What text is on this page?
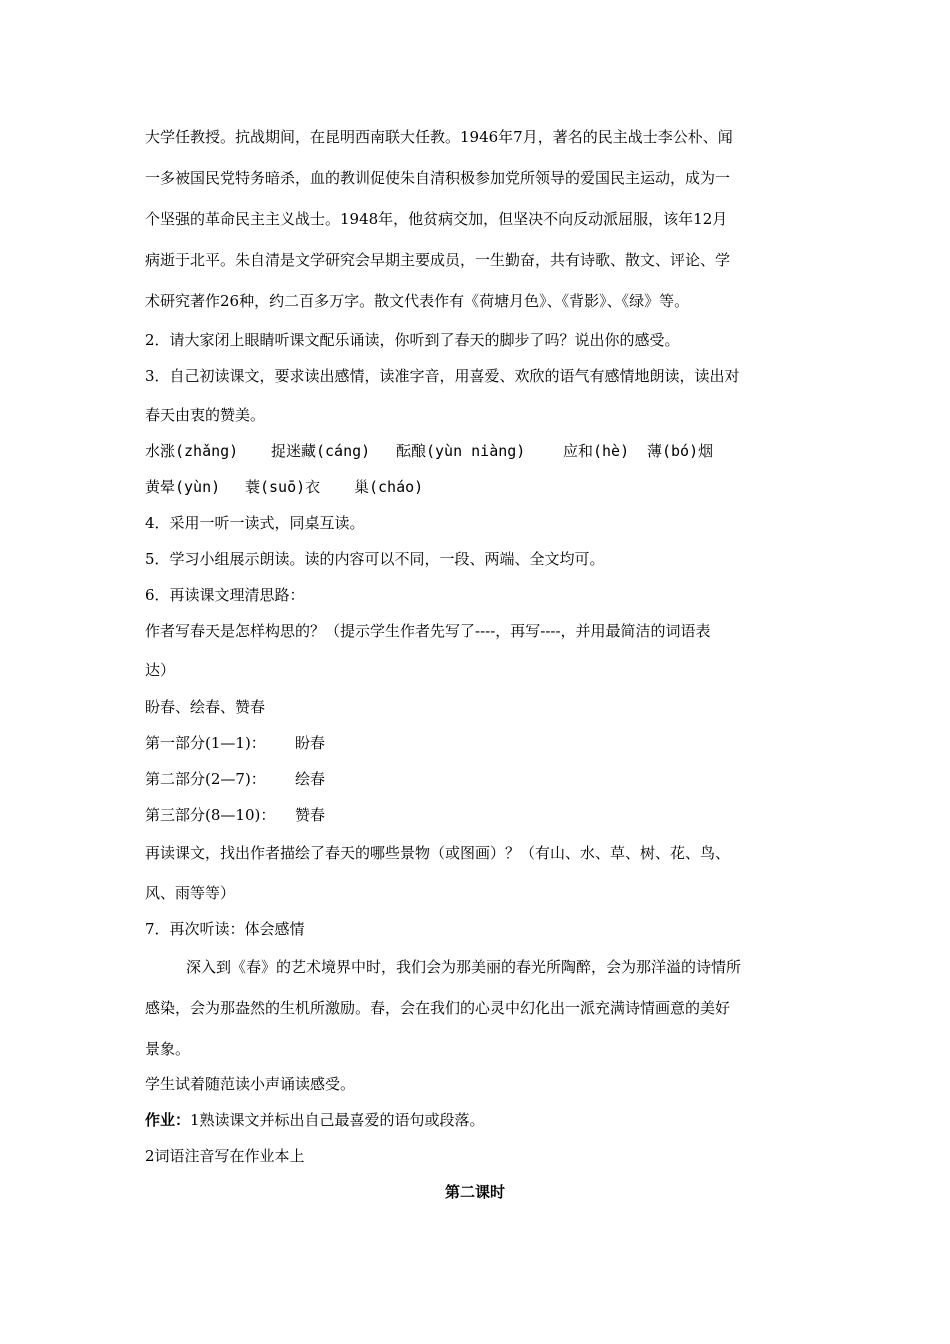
大学任教授。抗战期间，在昆明西南联大任教。1946年7月，著名的民主战士李公朴、闻
一多被国民党特务暗杀，血的教训促使朱自清积极参加党所领导的爱国民主运动，成为一
个坚强的革命民主主义战士。1948年，他贫病交加，但坚决不向反动派屈服，该年12月
病逝于北平。朱自清是文学研究会早期主要成员，一生勤奋，共有诗歌、散文、评论、学
术研究著作26种，约二百多万字。散文代表作有《荷塘月色》、《背影》、《绿》等。
2．请大家闭上眼睛听课文配乐诵读，你听到了春天的脚步了吗？说出你的感受。
3．自己初读课文，要求读出感情，读准字音，用喜爱、欢欣的语气有感情地朗读，读出对
春天由衷的赞美。
水涨(zhǎng) 捉迷藏(cáng) 酝酿(yùn niàng)	应和(hè) 薄(bó)烟
黄晕(yùn) 蓑(suō)衣 巢(cháo)
4．采用一听一读式，同桌互读。
5．学习小组展示朗读。读的内容可以不同，一段、两端、全文均可。
6．再读课文理清思路：
作者写春天是怎样构思的？（提示学生作者先写了----，再写----，并用最简洁的词语表
达）
盼春、绘春、赞春
第一部分(1—1)： 盼春
第二部分(2—7)： 绘春
第三部分(8—10)： 赞春
再读课文，找出作者描绘了春天的哪些景物（或图画）？（有山、水、草、树、花、鸟、
风、雨等等）
7．再次听读：体会感情
深入到《春》的艺术境界中时，我们会为那美丽的春光所陶醉，会为那洋溢的诗情所
感染，会为那盎然的生机所激励。春，会在我们的心灵中幻化出一派充满诗情画意的美好
景象。
学生试着随范读小声诵读感受。
作业：1熟读课文并标出自己最喜爱的语句或段落。
2词语注音写在作业本上
第二课时
